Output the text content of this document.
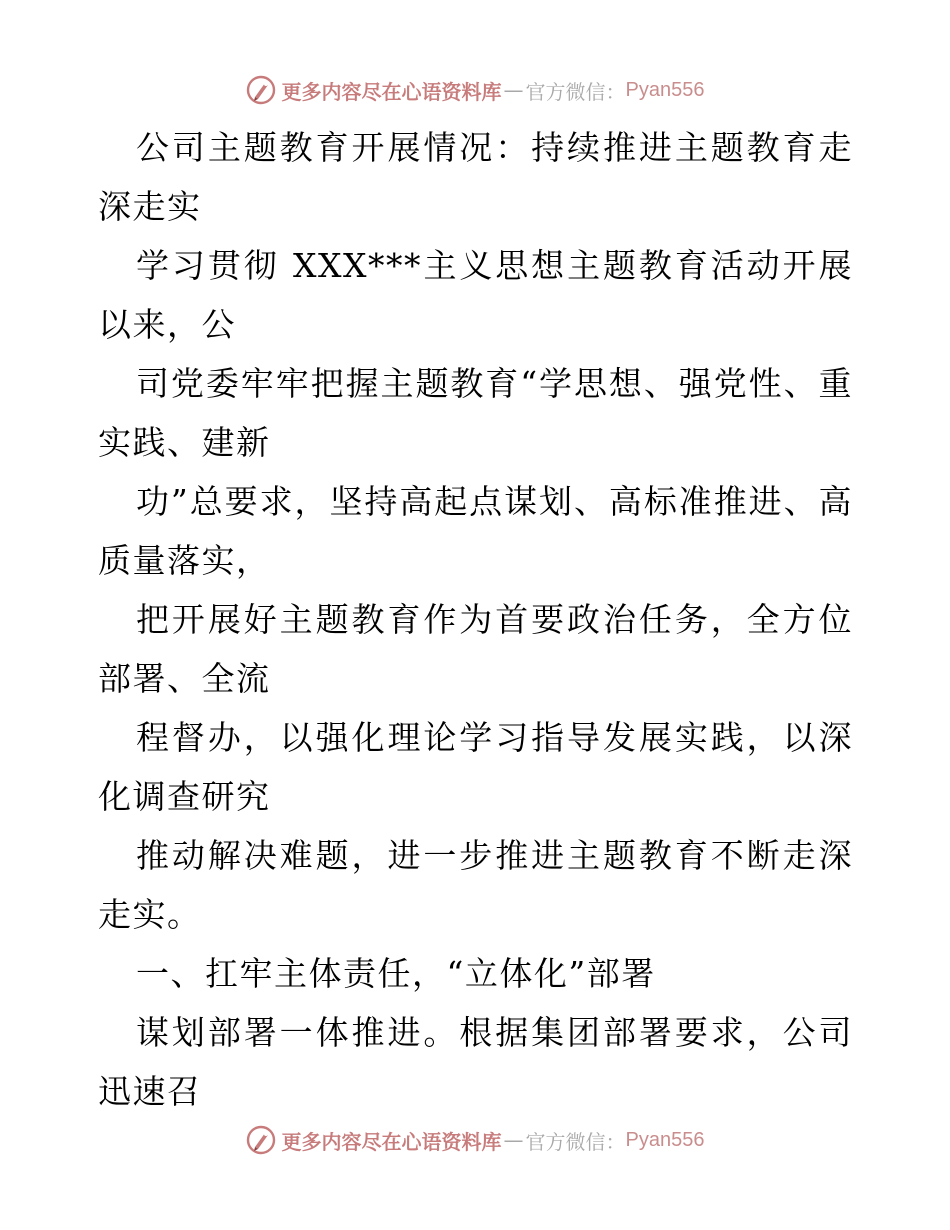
更多内容尽在心语资料库 — 官方微信： Pyan556

公司主题教育开展情况：持续推进主题教育走深走实

学习贯彻 XXX***主义思想主题教育活动开展以来，公

司党委牢牢把握主题教育“学思想、强党性、重实践、建新

功”总要求，坚持高起点谋划、高标准推进、高质量落实，

把开展好主题教育作为首要政治任务，全方位部署、全流

程督办，以强化理论学习指导发展实践，以深化调查研究

推动解决难题，进一步推进主题教育不断走深走实。

一、扛牢主体责任，“立体化”部署

谋划部署一体推进。根据集团部署要求，公司迅速召

更多内容尽在心语资料库 — 官方微信： Pyan556
